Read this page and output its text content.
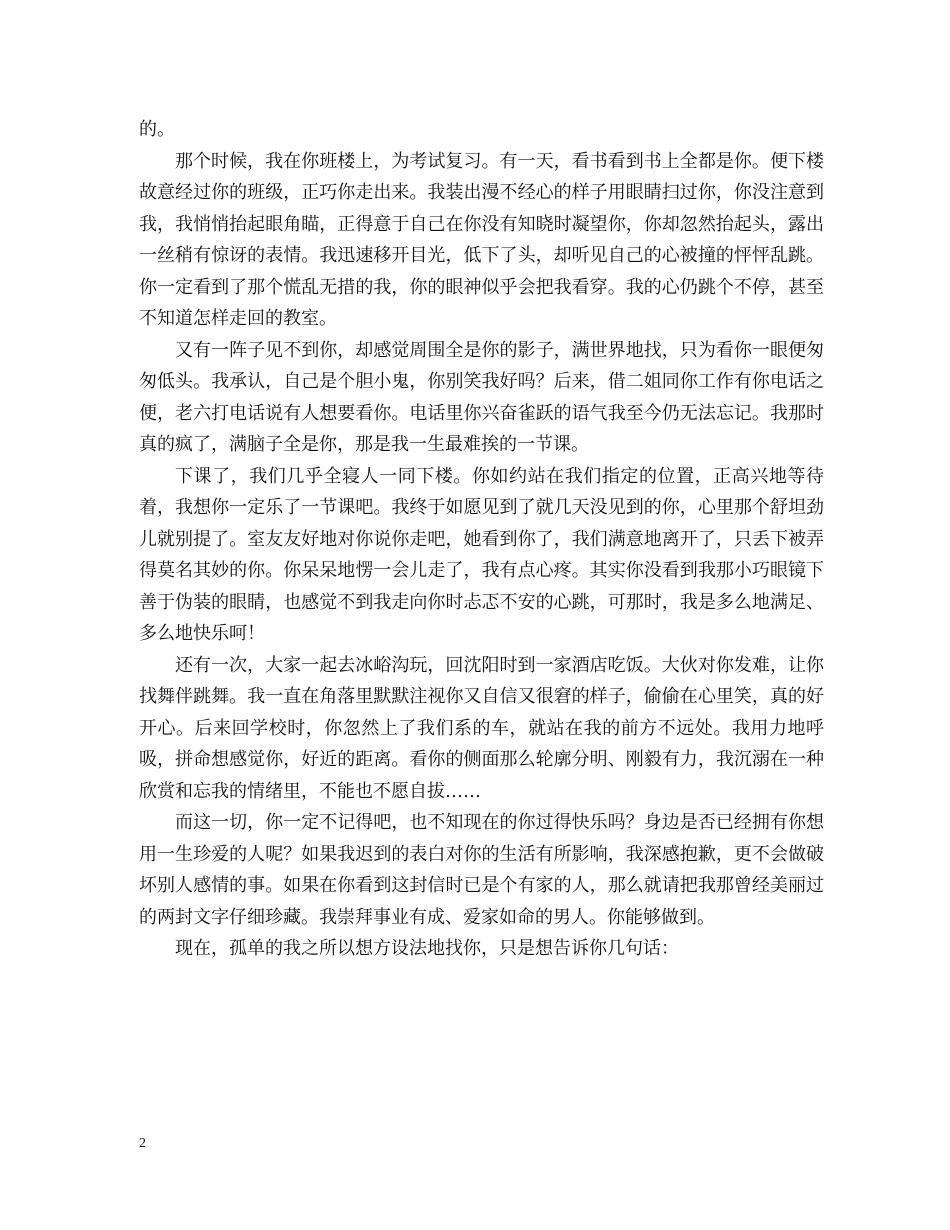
的。

那个时候，我在你班楼上，为考试复习。有一天，看书看到书上全都是你。便下楼故意经过你的班级，正巧你走出来。我装出漫不经心的样子用眼睛扫过你，你没注意到我，我悄悄抬起眼角瞄，正得意于自己在你没有知晓时凝望你，你却忽然抬起头，露出一丝稍有惊讶的表情。我迅速移开目光，低下了头，却听见自己的心被撞的怦怦乱跳。你一定看到了那个慌乱无措的我，你的眼神似乎会把我看穿。我的心仍跳个不停，甚至不知道怎样走回的教室。

又有一阵子见不到你，却感觉周围全是你的影子，满世界地找，只为看你一眼便匆匆低头。我承认，自己是个胆小鬼，你别笑我好吗？后来，借二姐同你工作有你电话之便，老六打电话说有人想要看你。电话里你兴奋雀跃的语气我至今仍无法忘记。我那时真的疯了，满脑子全是你，那是我一生最难挨的一节课。

下课了，我们几乎全寝人一同下楼。你如约站在我们指定的位置，正高兴地等待着，我想你一定乐了一节课吧。我终于如愿见到了就几天没见到的你，心里那个舒坦劲儿就别提了。室友友好地对你说你走吧，她看到你了，我们满意地离开了，只丢下被弄得莫名其妙的你。你呆呆地愣一会儿走了，我有点心疼。其实你没看到我那小巧眼镜下善于伪装的眼睛，也感觉不到我走向你时忐忑不安的心跳，可那时，我是多么地满足、多么地快乐呵！

还有一次，大家一起去冰峪沟玩，回沈阳时到一家酒店吃饭。大伙对你发难，让你找舞伴跳舞。我一直在角落里默默注视你又自信又很窘的样子，偷偷在心里笑，真的好开心。后来回学校时，你忽然上了我们系的车，就站在我的前方不远处。我用力地呼吸，拼命想感觉你，好近的距离。看你的侧面那么轮廓分明、刚毅有力，我沉溺在一种欣赏和忘我的情绪里，不能也不愿自拔……

而这一切，你一定不记得吧，也不知现在的你过得快乐吗？身边是否已经拥有你想用一生珍爱的人呢？如果我迟到的表白对你的生活有所影响，我深感抱歉，更不会做破坏别人感情的事。如果在你看到这封信时已是个有家的人，那么就请把我那曾经美丽过的两封文字仔细珍藏。我崇拜事业有成、爱家如命的男人。你能够做到。

现在，孤单的我之所以想方设法地找你，只是想告诉你几句话：

2
